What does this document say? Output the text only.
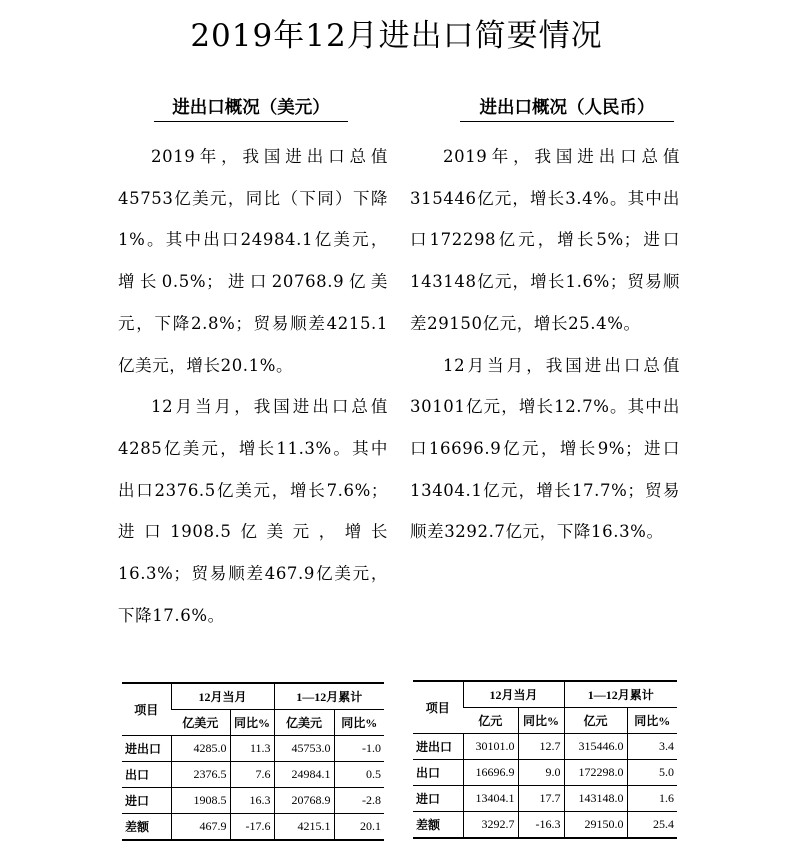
2019年12月进出口简要情况
进出口概况（美元）

2019年，我国进出口总值45753亿美元，同比（下同）下降1%。其中出口24984.1亿美元，增长0.5%；进口20768.9亿美元，下降2.8%；贸易顺差4215.1亿美元，增长20.1%。

12月当月，我国进出口总值4285亿美元，增长11.3%。其中出口2376.5亿美元，增长7.6%；进口1908.5亿美元，增长16.3%；贸易顺差467.9亿美元，下降17.6%。

进出口概况（人民币）

2019年，我国进出口总值315446亿元，增长3.4%。其中出口172298亿元，增长5%；进口143148亿元，增长1.6%；贸易顺差29150亿元，增长25.4%。

12月当月，我国进出口总值30101亿元，增长12.7%。其中出口16696.9亿元，增长9%；进口13404.1亿元，增长17.7%；贸易顺差3292.7亿元，下降16.3%。

项目	12月当月		1—12月累计	
	亿美元	同比%	亿美元	同比%
进出口	4285.0	11.3	45753.0	-1.0
出口	2376.5	7.6	24984.1	0.5
进口	1908.5	16.3	20768.9	-2.8
差额	467.9	-17.6	4215.1	20.1
项目	12月当月		1—12月累计	
	亿元	同比%	亿元	同比%
进出口	30101.0	12.7	315446.0	3.4
出口	16696.9	9.0	172298.0	5.0
进口	13404.1	17.7	143148.0	1.6
差额	3292.7	-16.3	29150.0	25.4
